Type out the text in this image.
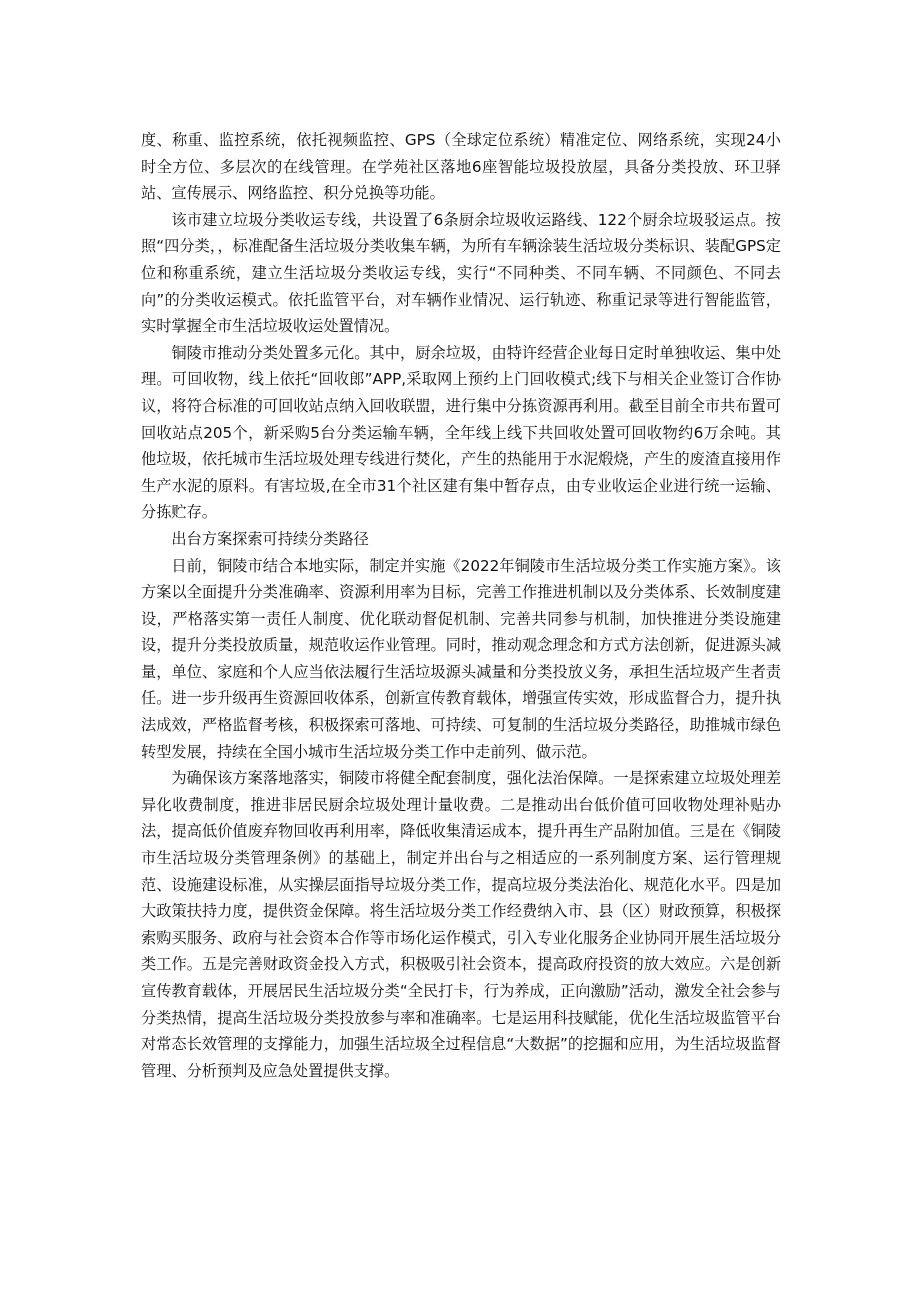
度、称重、监控系统，依托视频监控、GPS（全球定位系统）精准定位、网络系统，实现24小时全方位、多层次的在线管理。在学苑社区落地6座智能垃圾投放屋，具备分类投放、环卫驿站、宣传展示、网络监控、积分兑换等功能。

该市建立垃圾分类收运专线，共设置了6条厨余垃圾收运路线、122个厨余垃圾驳运点。按照“四分类，，标准配备生活垃圾分类收集车辆，为所有车辆涂装生活垃圾分类标识、装配GPS定位和称重系统，建立生活垃圾分类收运专线，实行“不同种类、不同车辆、不同颜色、不同去向”的分类收运模式。依托监管平台，对车辆作业情况、运行轨迹、称重记录等进行智能监管，实时掌握全市生活垃圾收运处置情况。

铜陵市推动分类处置多元化。其中，厨余垃圾，由特许经营企业每日定时单独收运、集中处理。可回收物，线上依托“回收郎”APP,采取网上预约上门回收模式;线下与相关企业签订合作协议，将符合标准的可回收站点纳入回收联盟，进行集中分拣资源再利用。截至目前全市共布置可回收站点205个，新采购5台分类运输车辆，全年线上线下共回收处置可回收物约6万余吨。其他垃圾，依托城市生活垃圾处理专线进行焚化，产生的热能用于水泥煅烧，产生的废渣直接用作生产水泥的原料。有害垃圾,在全市31个社区建有集中暂存点，由专业收运企业进行统一运输、分拣贮存。

出台方案探索可持续分类路径

日前，铜陵市结合本地实际，制定并实施《2022年铜陵市生活垃圾分类工作实施方案》。该方案以全面提升分类准确率、资源利用率为目标，完善工作推进机制以及分类体系、长效制度建设，严格落实第一责任人制度、优化联动督促机制、完善共同参与机制，加快推进分类设施建设，提升分类投放质量，规范收运作业管理。同时，推动观念理念和方式方法创新，促进源头减量，单位、家庭和个人应当依法履行生活垃圾源头减量和分类投放义务，承担生活垃圾产生者责任。进一步升级再生资源回收体系，创新宣传教育载体，增强宣传实效，形成监督合力，提升执法成效，严格监督考核，积极探索可落地、可持续、可复制的生活垃圾分类路径，助推城市绿色转型发展，持续在全国小城市生活垃圾分类工作中走前列、做示范。

为确保该方案落地落实，铜陵市将健全配套制度，强化法治保障。一是探索建立垃圾处理差异化收费制度，推进非居民厨余垃圾处理计量收费。二是推动出台低价值可回收物处理补贴办法，提高低价值废弃物回收再利用率，降低收集清运成本，提升再生产品附加值。三是在《铜陵市生活垃圾分类管理条例》的基础上，制定并出台与之相适应的一系列制度方案、运行管理规范、设施建设标准，从实操层面指导垃圾分类工作，提高垃圾分类法治化、规范化水平。四是加大政策扶持力度，提供资金保障。将生活垃圾分类工作经费纳入市、县（区）财政预算，积极探索购买服务、政府与社会资本合作等市场化运作模式，引入专业化服务企业协同开展生活垃圾分类工作。五是完善财政资金投入方式，积极吸引社会资本，提高政府投资的放大效应。六是创新宣传教育载体，开展居民生活垃圾分类“全民打卡，行为养成，正向激励”活动，激发全社会参与分类热情，提高生活垃圾分类投放参与率和准确率。七是运用科技赋能，优化生活垃圾监管平台对常态长效管理的支撑能力，加强生活垃圾全过程信息“大数据”的挖掘和应用，为生活垃圾监督管理、分析预判及应急处置提供支撑。
